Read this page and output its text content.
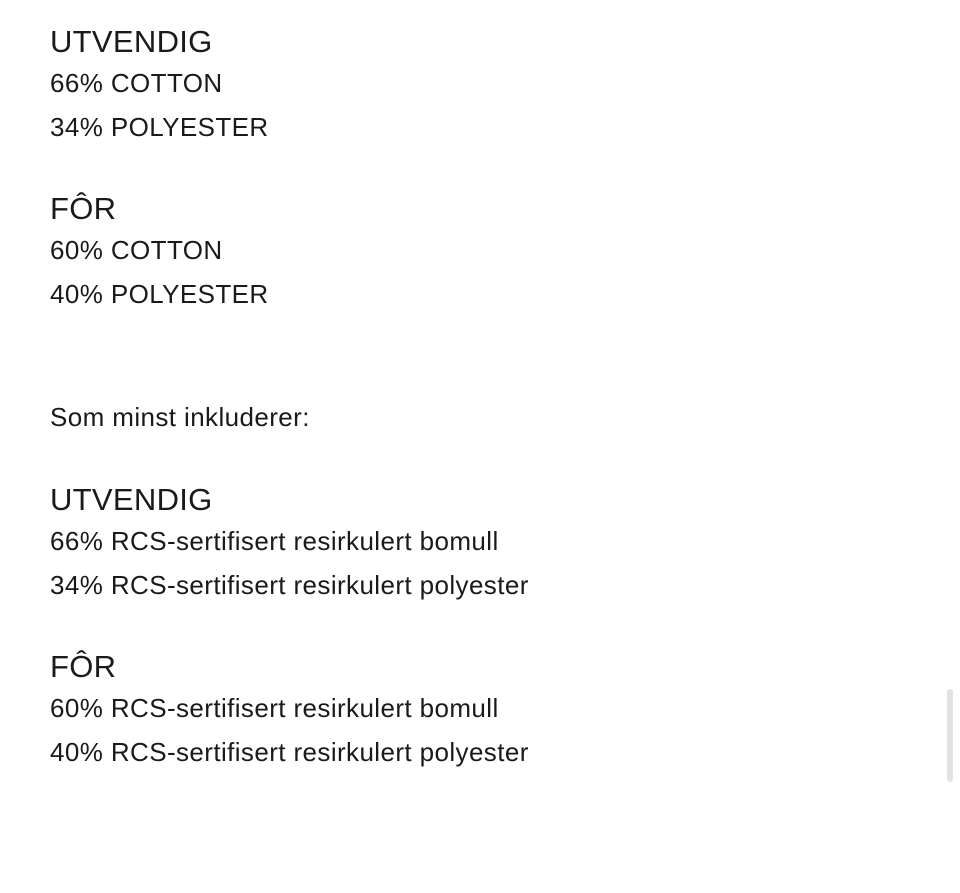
UTVENDIG
66% COTTON
34% POLYESTER
FÔR
60% COTTON
40% POLYESTER
Som minst inkluderer:
UTVENDIG
66% RCS-sertifisert resirkulert bomull
34% RCS-sertifisert resirkulert polyester
FÔR
60% RCS-sertifisert resirkulert bomull
40% RCS-sertifisert resirkulert polyester
